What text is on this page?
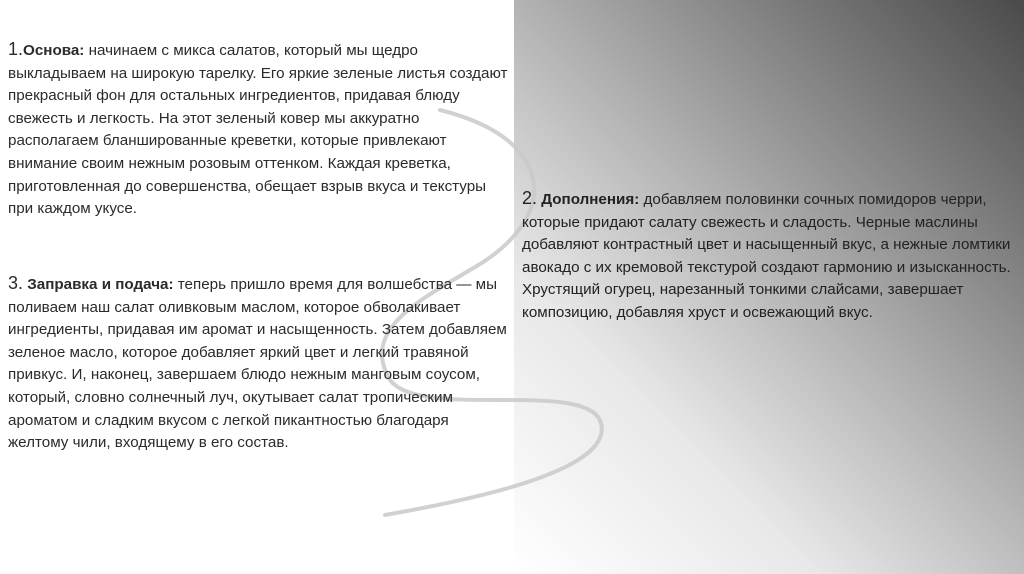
1.Основа: начинаем с микса салатов, который мы щедро выкладываем на широкую тарелку. Его яркие зеленые листья создают прекрасный фон для остальных ингредиентов, придавая блюду свежесть и легкость. На этот зеленый ковер мы аккуратно располагаем бланшированные креветки, которые привлекают внимание своим нежным розовым оттенком. Каждая креветка, приготовленная до совершенства, обещает взрыв вкуса и текстуры при каждом укусе.
3. Заправка и подача: теперь пришло время для волшебства — мы поливаем наш салат оливковым маслом, которое обволакивает ингредиенты, придавая им аромат и насыщенность. Затем добавляем зеленое масло, которое добавляет яркий цвет и легкий травяной привкус. И, наконец, завершаем блюдо нежным манговым соусом, который, словно солнечный луч, окутывает салат тропическим ароматом и сладким вкусом с легкой пикантностью благодаря желтому чили, входящему в его состав.
2. Дополнения: добавляем половинки сочных помидоров черри, которые придают салату свежесть и сладость. Черные маслины добавляют контрастный цвет и насыщенный вкус, а нежные ломтики авокадо с их кремовой текстурой создают гармонию и изысканность. Хрустящий огурец, нарезанный тонкими слайсами, завершает композицию, добавляя хруст и освежающий вкус.
